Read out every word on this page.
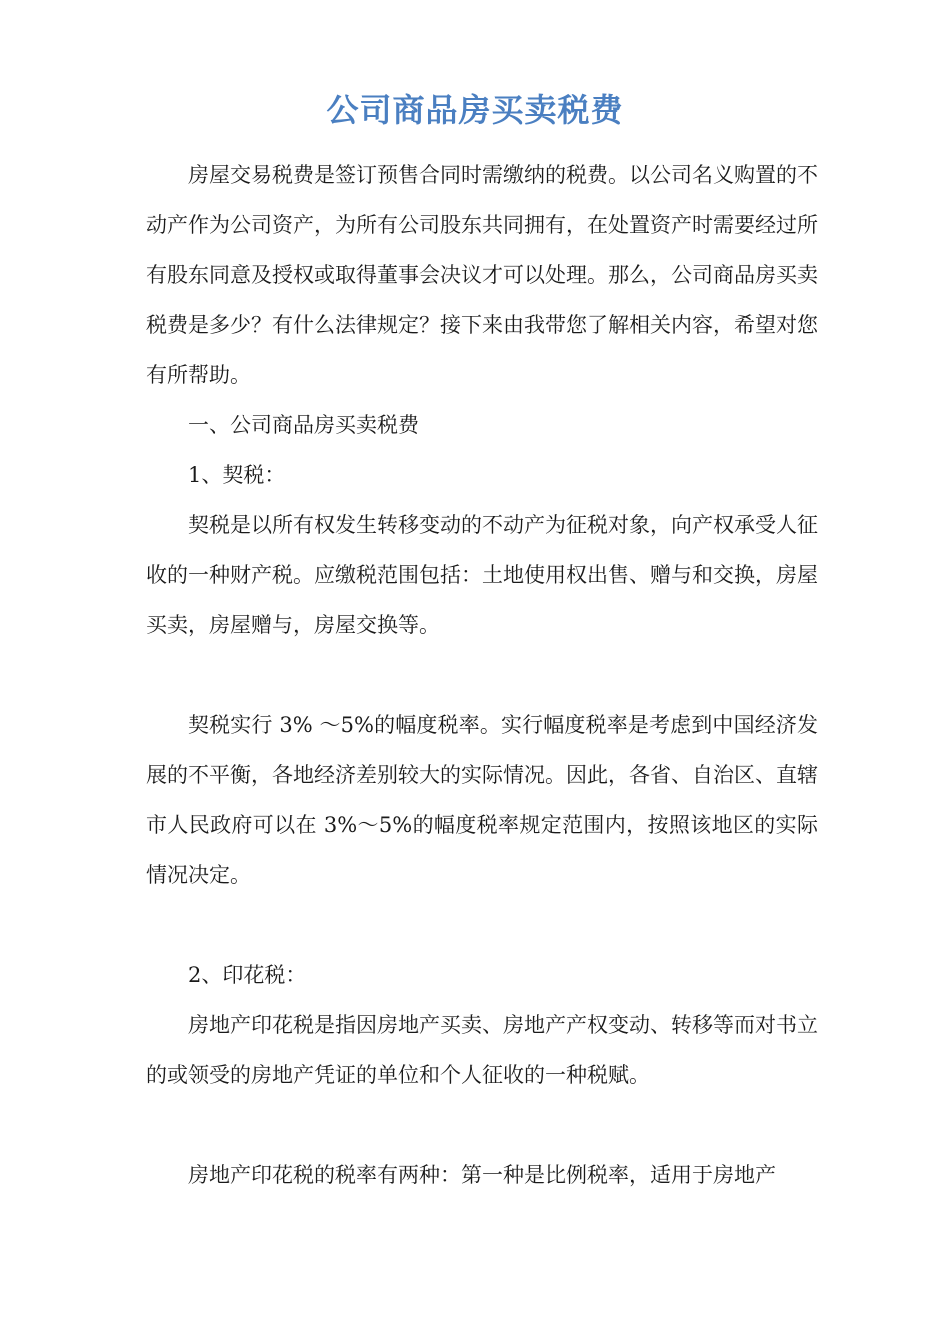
公司商品房买卖税费

房屋交易税费是签订预售合同时需缴纳的税费。以公司名义购置的不动产作为公司资产，为所有公司股东共同拥有，在处置资产时需要经过所有股东同意及授权或取得董事会决议才可以处理。那么，公司商品房买卖税费是多少？有什么法律规定？接下来由我带您了解相关内容，希望对您有所帮助。

一、公司商品房买卖税费

1、契税：

契税是以所有权发生转移变动的不动产为征税对象，向产权承受人征收的一种财产税。应缴税范围包括：土地使用权出售、赠与和交换，房屋买卖，房屋赠与，房屋交换等。

契税实行 3% ～5%的幅度税率。实行幅度税率是考虑到中国经济发展的不平衡，各地经济差别较大的实际情况。因此，各省、自治区、直辖市人民政府可以在 3%～5%的幅度税率规定范围内，按照该地区的实际情况决定。

2、印花税：

房地产印花税是指因房地产买卖、房地产产权变动、转移等而对书立的或领受的房地产凭证的单位和个人征收的一种税赋。

房地产印花税的税率有两种：第一种是比例税率，适用于房地产
